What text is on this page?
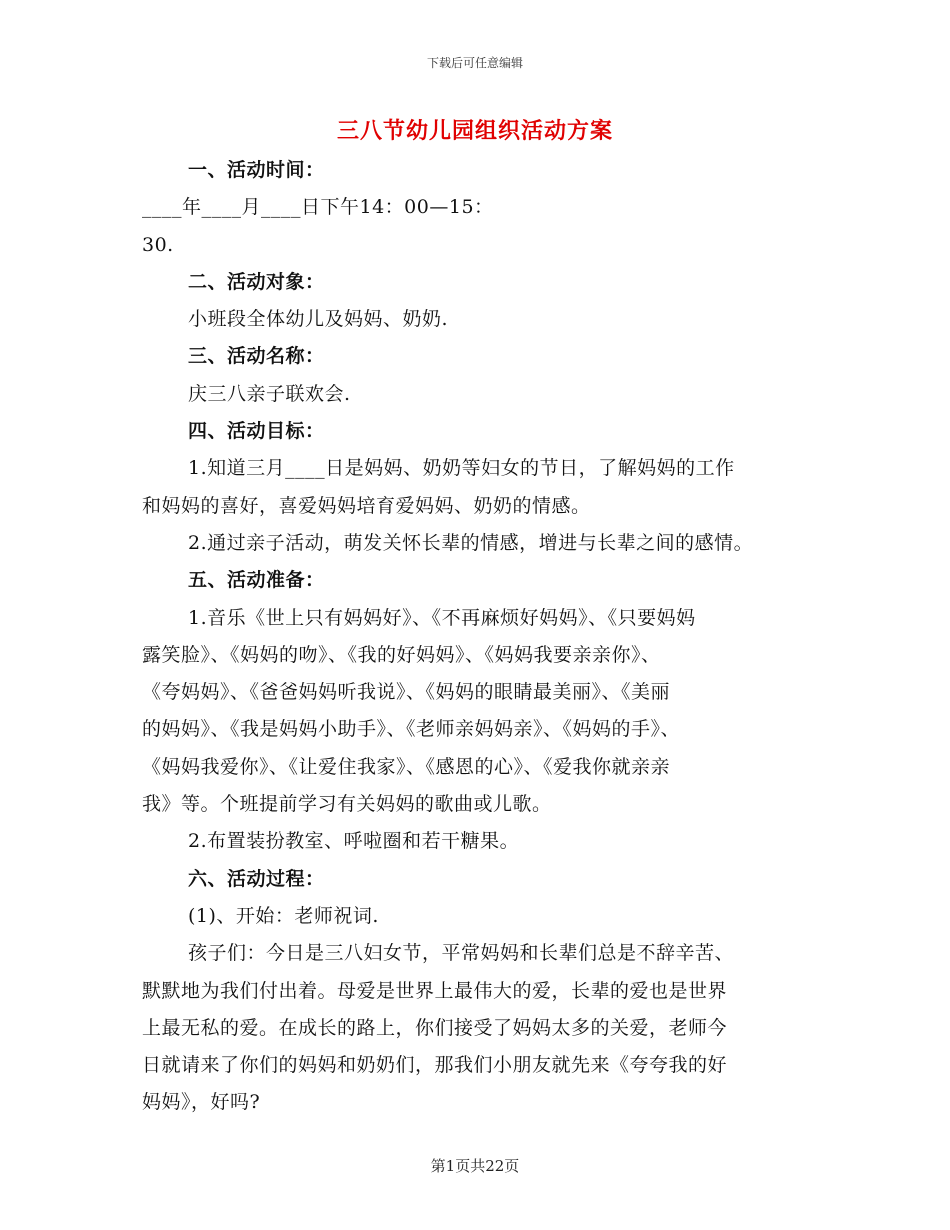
下载后可任意编辑
三八节幼儿园组织活动方案
一、活动时间：
____年____月____日下午14：00—15：
30.
二、活动对象：
小班段全体幼儿及妈妈、奶奶.
三、活动名称：
庆三八亲子联欢会.
四、活动目标：
1.知道三月____日是妈妈、奶奶等妇女的节日，了解妈妈的工作
和妈妈的喜好，喜爱妈妈培育爱妈妈、奶奶的情感。
2.通过亲子活动，萌发关怀长辈的情感，增进与长辈之间的感情。
五、活动准备：
1.音乐《世上只有妈妈好》、《不再麻烦好妈妈》、《只要妈妈
露笑脸》、《妈妈的吻》、《我的好妈妈》、《妈妈我要亲亲你》、
《夸妈妈》、《爸爸妈妈听我说》、《妈妈的眼睛最美丽》、《美丽
的妈妈》、《我是妈妈小助手》、《老师亲妈妈亲》、《妈妈的手》、
《妈妈我爱你》、《让爱住我家》、《感恩的心》、《爱我你就亲亲
我》等。个班提前学习有关妈妈的歌曲或儿歌。
2.布置装扮教室、呼啦圈和若干糖果。
六、活动过程：
(1)、开始：老师祝词.
孩子们：今日是三八妇女节，平常妈妈和长辈们总是不辞辛苦、
默默地为我们付出着。母爱是世界上最伟大的爱，长辈的爱也是世界
上最无私的爱。在成长的路上，你们接受了妈妈太多的关爱，老师今
日就请来了你们的妈妈和奶奶们，那我们小朋友就先来《夸夸我的好
妈妈》，好吗?
第1页共22页
